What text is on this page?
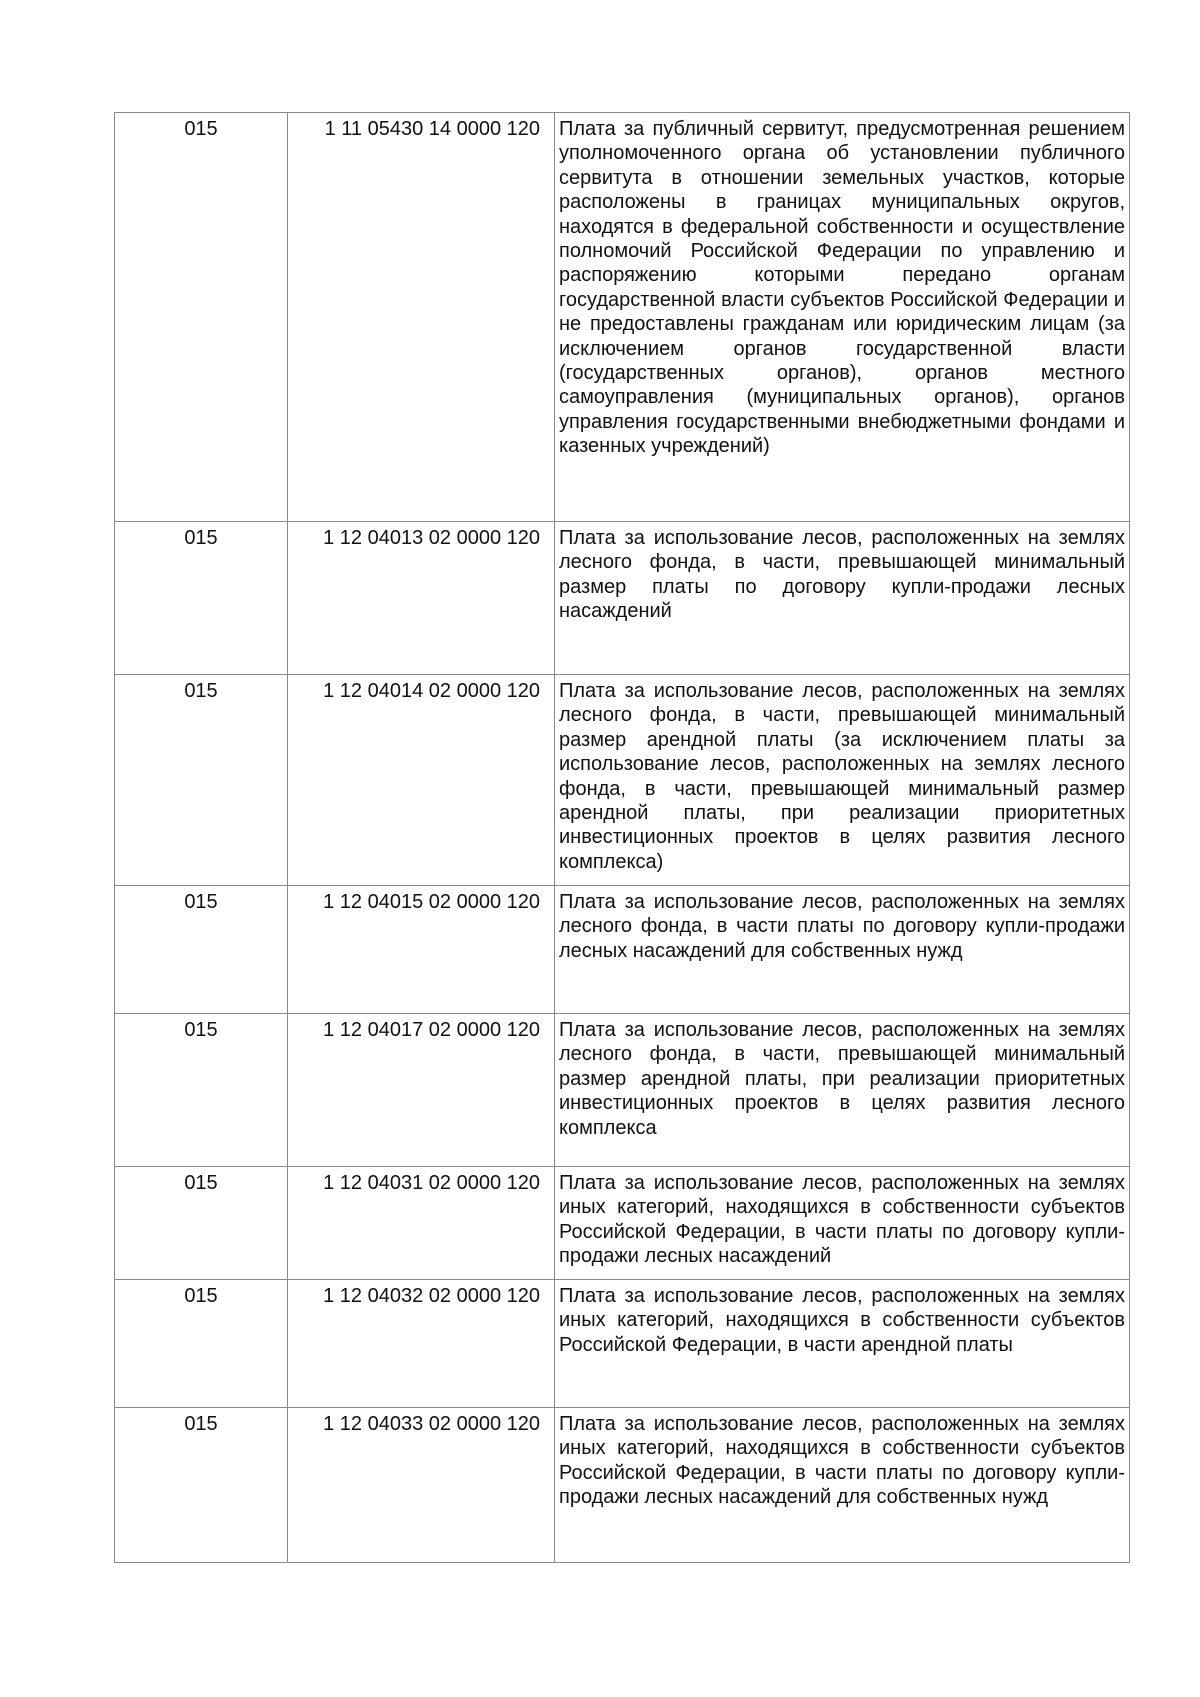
015	1 11 05430 14 0000 120	Плата за публичный сервитут, предусмотренная решением уполномоченного органа об установлении публичного сервитута в отношении земельных участков, которые расположены в границах муниципальных округов, находятся в федеральной собственности и осуществление полномочий Российской Федерации по управлению и распоряжению которыми передано органам государственной власти субъектов Российской Федерации и не предоставлены гражданам или юридическим лицам (за исключением органов государственной власти (государственных органов), органов местного самоуправления (муниципальных органов), органов управления государственными внебюджетными фондами и казенных учреждений)
015	1 12 04013 02 0000 120	Плата за использование лесов, расположенных на землях лесного фонда, в части, превышающей минимальный размер платы по договору купли-продажи лесных насаждений
015	1 12 04014 02 0000 120	Плата за использование лесов, расположенных на землях лесного фонда, в части, превышающей минимальный размер арендной платы (за исключением платы за использование лесов, расположенных на землях лесного фонда, в части, превышающей минимальный размер арендной платы, при реализации приоритетных инвестиционных проектов в целях развития лесного комплекса)
015	1 12 04015 02 0000 120	Плата за использование лесов, расположенных на землях лесного фонда, в части платы по договору купли-продажи лесных насаждений для собственных нужд
015	1 12 04017 02 0000 120	Плата за использование лесов, расположенных на землях лесного фонда, в части, превышающей минимальный размер арендной платы, при реализации приоритетных инвестиционных проектов в целях развития лесного комплекса
015	1 12 04031 02 0000 120	Плата за использование лесов, расположенных на землях иных категорий, находящихся в собственности субъектов Российской Федерации, в части платы по договору купли-продажи лесных насаждений
015	1 12 04032 02 0000 120	Плата за использование лесов, расположенных на землях иных категорий, находящихся в собственности субъектов Российской Федерации, в части арендной платы
015	1 12 04033 02 0000 120	Плата за использование лесов, расположенных на землях иных категорий, находящихся в собственности субъектов Российской Федерации, в части платы по договору купли-продажи лесных насаждений для собственных нужд
